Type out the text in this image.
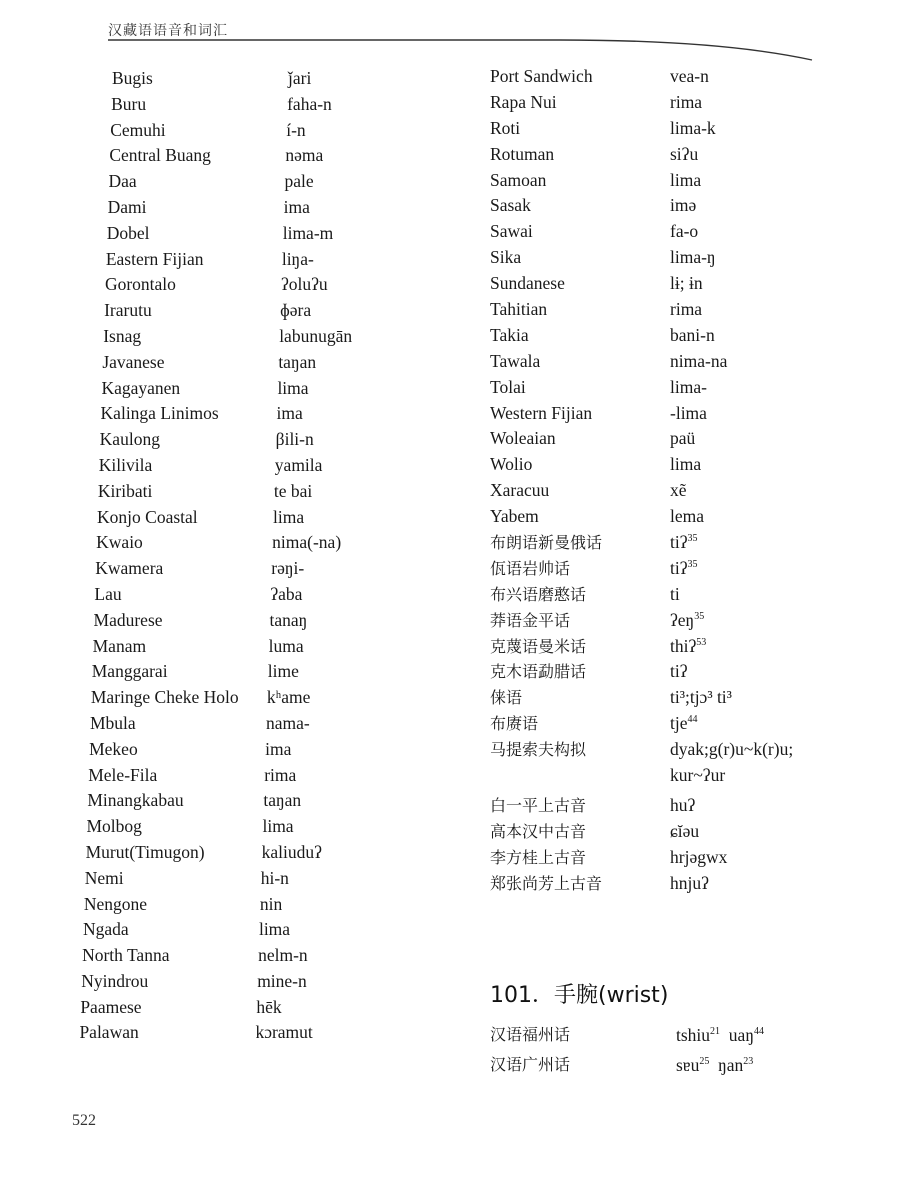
汉藏语语音和词汇
Bugis	ǰari
Buru	faha-n
Cemuhi	í-n
Central Buang	nəma
Daa	pale
Dami	ima
Dobel	lima-m
Eastern Fijian	liŋa-
Gorontalo	ʔoluʔu
Irarutu	ɸəra
Isnag	labunugān
Javanese	taŋan
Kagayanen	lima
Kalinga Linimos	ima
Kaulong	βili-n
Kilivila	yamila
Kiribati	te bai
Konjo Coastal	lima
Kwaio	nima(-na)
Kwamera	rəŋi-
Lau	ʔaba
Madurese	tanaŋ
Manam	luma
Manggarai	lime
Maringe Cheke Holo kʰame
Mbula	nama-
Mekeo	ima
Mele-Fila	rima
Minangkabau	taŋan
Molbog	lima
Murut(Timugon)	kaliuduʔ
Nemi	hi-n
Nengone	nin
Ngada	lima
North Tanna	nelm-n
Nyindrou	mine-n
Paamese	hēk
Palawan	kɔramut
Port Sandwich	vea-n
Rapa Nui	rima
Roti	lima-k
Rotuman	siʔu
Samoan	lima
Sasak	imə
Sawai	fa-o
Sika	lima-ŋ
Sundanese	lɨ; ɨn
Tahitian	rima
Takia	bani-n
Tawala	nima-na
Tolai	lima-
Western Fijian	-lima
Woleaian	paü
Wolio	lima
Xaracuu	xẽ
Yabem	lema
布朗语新曼俄话	tiʔ$^{35}$
佤语岩帅话	tiʔ$^{35}$
布兴语磨憨话	ti
莽语金平话	ʔeŋ$^{35}$
克蔑语曼米话	thiʔ$^{53}$
克木语勐腊话	tiʔ
俫语	ti³;tjɔ³ ti³
布赓语	tje$^{44}$
马提索夫构拟	dyak;g(r)u~k(r)u;
kur~ʔur
白一平上古音	huʔ
高本汉中古音	ɕĭəu
李方桂上古音	hrjəgwx
郑张尚芳上古音	hnjuʔ
101．手腕(wrist)
汉语福州话	tshiu$^{21}$  uaŋ$^{44}$
汉语广州话	sɐu$^{25}$  ŋan$^{23}$
522
